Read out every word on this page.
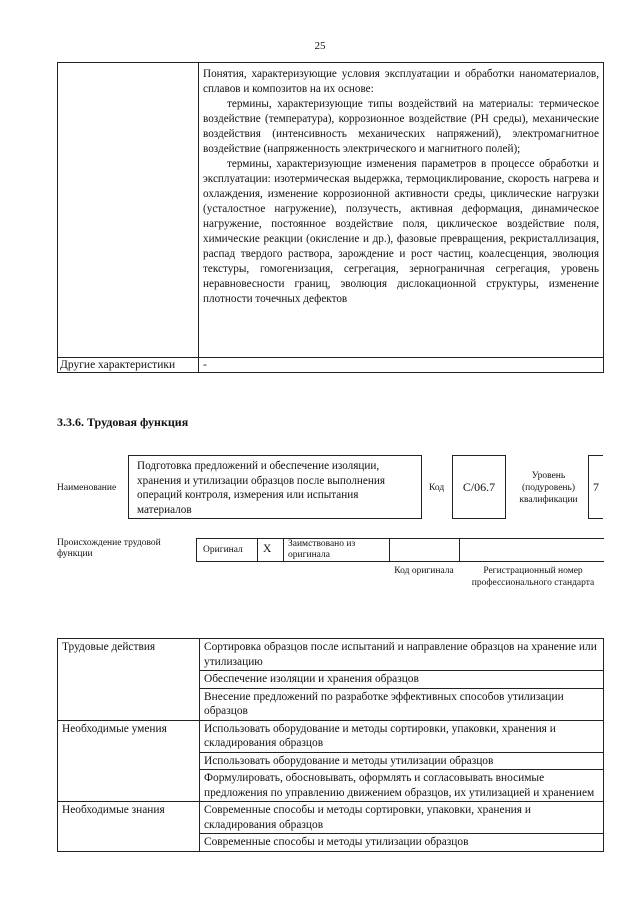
25

Понятия, характеризующие условия эксплуатации и обработки наноматериалов, сплавов и композитов на их основе:

термины, характеризующие типы воздействий на материалы: термическое воздействие (температура), коррозионное воздействие (РН среды), механические воздействия (интенсивность механических напряжений), электромагнитное воздействие (напряженность электрического и магнитного полей);

термины, характеризующие изменения параметров в процессе обработки и эксплуатации: изотермическая выдержка, термоциклирование, скорость нагрева и охлаждения, изменение коррозионной активности среды, циклические нагрузки (усталостное нагружение), ползучесть, активная деформация, динамическое нагружение, постоянное воздействие поля, циклическое воздействие поля, химические реакции (окисление и др.), фазовые превращения, рекристаллизация, распад твердого раствора, зарождение и рост частиц, коалесценция, эволюция текстуры, гомогенизация, сегрегация, зернограничная сегрегация, уровень неравновесности границ, эволюция дислокационной структуры, изменение плотности точечных дефектов

Другие характеристики	-
3.3.6. Трудовая функция
Наименование
Подготовка предложений и обеспечение изоляции, хранения и утилизации образцов после выполнения операций контроля, измерения или испытания материалов
Код	C/06.7
Уровень (подуровень) квалификации
7
Происхождение трудовой функции	Оригинал X Заимствовано из оригинала
Код оригинала	Регистрационный номер профессионального стандарта
Трудовые действия	Сортировка образцов после испытаний и направление образцов на хранение или утилизацию
	Обеспечение изоляции и хранения образцов
	Внесение предложений по разработке эффективных способов утилизации образцов
Необходимые умения	Использовать оборудование и методы сортировки, упаковки, хранения и складирования образцов
	Использовать оборудование и методы утилизации образцов
	Формулировать, обосновывать, оформлять и согласовывать вносимые предложения по управлению движением образцов, их утилизацией и хранением
Необходимые знания	Современные способы и методы сортировки, упаковки, хранения и складирования образцов
	Современные способы и методы утилизации образцов
